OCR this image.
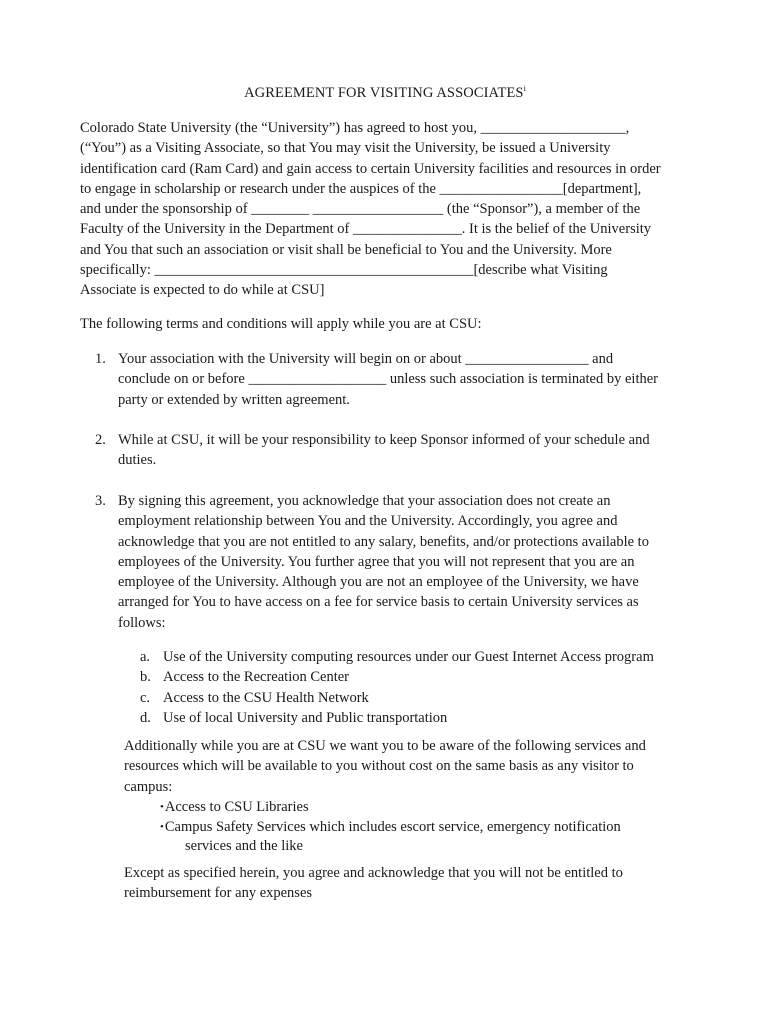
AGREEMENT FOR VISITING ASSOCIATES$^i$
Colorado State University (the “University”) has agreed to host you, ____________________,
(“You”) as a Visiting Associate, so that You may visit the University, be issued a University
identification card (Ram Card) and gain access to certain University facilities and resources in order
to engage in scholarship or research under the auspices of the _________________[department],
and under the sponsorship of ________ __________________ (the “Sponsor”), a member of the
Faculty of the University in the Department of _______________. It is the belief of the University
and You that such an association or visit shall be beneficial to You and the University. More
specifically: ____________________________________________[describe what Visiting
Associate is expected to do while at CSU]
The following terms and conditions will apply while you are at CSU:
1. Your association with the University will begin on or about _________________ and
conclude on or before ___________________ unless such association is terminated by either
party or extended by written agreement.
2. While at CSU, it will be your responsibility to keep Sponsor informed of your schedule and
duties.
3. By signing this agreement, you acknowledge that your association does not create an
employment relationship between You and the University. Accordingly, you agree and
acknowledge that you are not entitled to any salary, benefits, and/or protections available to
employees of the University. You further agree that you will not represent that you are an
employee of the University. Although you are not an employee of the University, we have
arranged for You to have access on a fee for service basis to certain University services as
follows:
a. Use of the University computing resources under our Guest Internet Access program
b. Access to the Recreation Center
c. Access to the CSU Health Network
d. Use of local University and Public transportation
Additionally while you are at CSU we want you to be aware of the following services and
resources which will be available to you without cost on the same basis as any visitor to
campus:
•Access to CSU Libraries
•Campus Safety Services which includes escort service, emergency notification
services and the like
Except as specified herein, you agree and acknowledge that you will not be entitled to
reimbursement for any expenses
